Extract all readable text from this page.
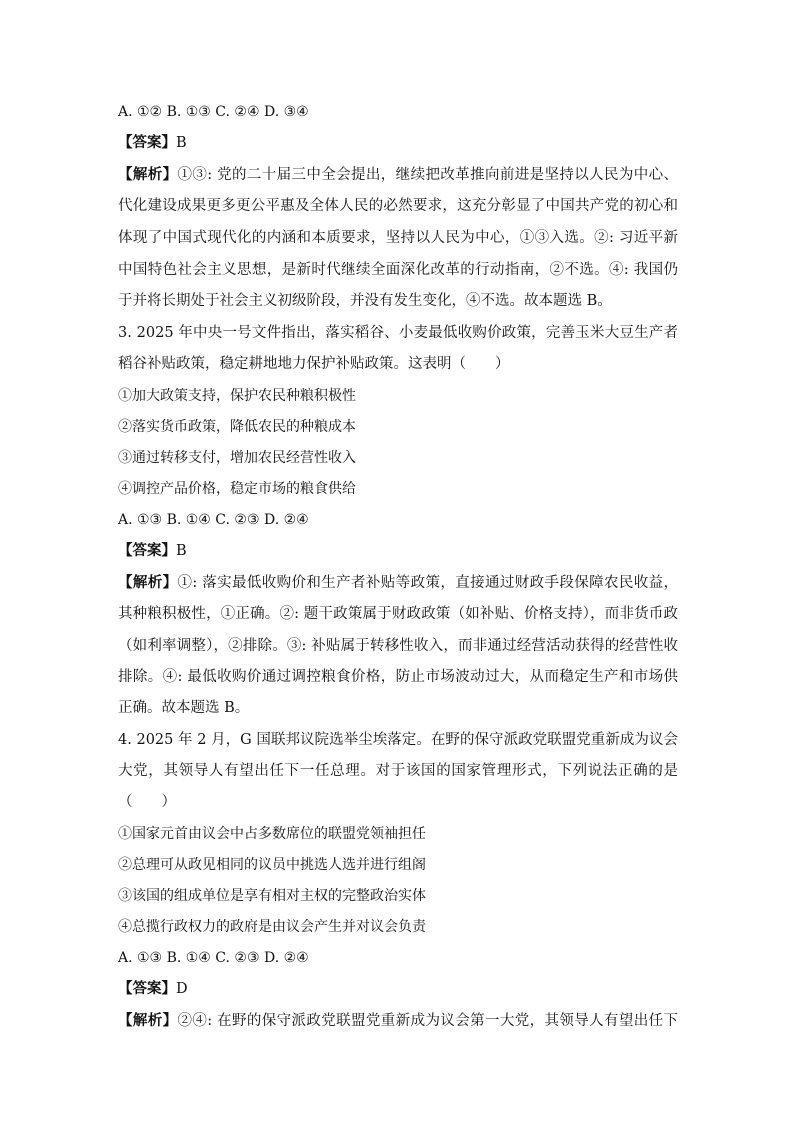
A. ①② B. ①③ C. ②④ D. ③④
【答案】B
【解析】①③: 党的二十届三中全会提出，继续把改革推向前进是坚持以人民为中心、
代化建设成果更多更公平惠及全体人民的必然要求，这充分彰显了中国共产党的初心和
体现了中国式现代化的内涵和本质要求，坚持以人民为中心，①③入选。②: 习近平新
中国特色社会主义思想，是新时代继续全面深化改革的行动指南，②不选。④: 我国仍
于并将长期处于社会主义初级阶段，并没有发生变化，④不选。故本题选 B。
3. 2025 年中央一号文件指出，落实稻谷、小麦最低收购价政策，完善玉米大豆生产者
稻谷补贴政策，稳定耕地地力保护补贴政策。这表明（　　）
①加大政策支持，保护农民种粮积极性
②落实货币政策，降低农民的种粮成本
③通过转移支付，增加农民经营性收入
④调控产品价格，稳定市场的粮食供给
A. ①③ B. ①④ C. ②③ D. ②④
【答案】B
【解析】①: 落实最低收购价和生产者补贴等政策，直接通过财政手段保障农民收益，
其种粮积极性，①正确。②: 题干政策属于财政政策（如补贴、价格支持），而非货币政
（如利率调整），②排除。③: 补贴属于转移性收入，而非通过经营活动获得的经营性收
排除。④: 最低收购价通过调控粮食价格，防止市场波动过大，从而稳定生产和市场供
正确。故本题选 B。
4. 2025 年 2 月，G 国联邦议院选举尘埃落定。在野的保守派政党联盟党重新成为议会
大党，其领导人有望出任下一任总理。对于该国的国家管理形式，下列说法正确的是
（　　）
①国家元首由议会中占多数席位的联盟党领袖担任
②总理可从政见相同的议员中挑选人选并进行组阁
③该国的组成单位是享有相对主权的完整政治实体
④总揽行政权力的政府是由议会产生并对议会负责
A. ①③ B. ①④ C. ②③ D. ②④
【答案】D
【解析】②④: 在野的保守派政党联盟党重新成为议会第一大党，其领导人有望出任下
